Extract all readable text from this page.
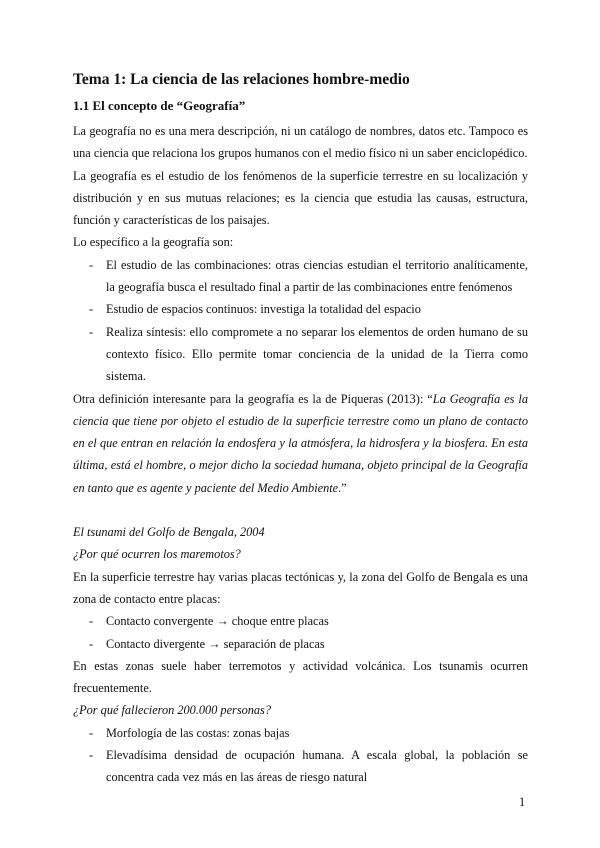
Tema 1: La ciencia de las relaciones hombre-medio
1.1 El concepto de “Geografía”

La geografía no es una mera descripción, ni un catálogo de nombres, datos etc. Tampoco es una ciencia que relaciona los grupos humanos con el medio físico ni un saber enciclopédico.

La geografía es el estudio de los fenómenos de la superficie terrestre en su localización y distribución y en sus mutuas relaciones; es la ciencia que estudia las causas, estructura, función y características de los paisajes.

Lo específico a la geografía son:

- El estudio de las combinaciones: otras ciencias estudian el territorio analíticamente, la geografía busca el resultado final a partir de las combinaciones entre fenómenos
- Estudio de espacios continuos: investiga la totalidad del espacio
- Realiza síntesis: ello compromete a no separar los elementos de orden humano de su contexto físico. Ello permite tomar conciencia de la unidad de la Tierra como sistema.

Otra definición interesante para la geografía es la de Piqueras (2013): “La Geografía es la ciencia que tiene por objeto el estudio de la superficie terrestre como un plano de contacto en el que entran en relación la endosfera y la atmósfera, la hidrosfera y la biosfera. En esta última, está el hombre, o mejor dicho la sociedad humana, objeto principal de la Geografía en tanto que es agente y paciente del Medio Ambiente.”

El tsunami del Golfo de Bengala, 2004

¿Por qué ocurren los maremotos?

En la superficie terrestre hay varias placas tectónicas y, la zona del Golfo de Bengala es una zona de contacto entre placas:

- Contacto convergente → choque entre placas
- Contacto divergente → separación de placas

En estas zonas suele haber terremotos y actividad volcánica. Los tsunamis ocurren frecuentemente.

¿Por qué fallecieron 200.000 personas?

- Morfología de las costas: zonas bajas
- Elevadísima densidad de ocupación humana. A escala global, la población se concentra cada vez más en las áreas de riesgo natural
1
